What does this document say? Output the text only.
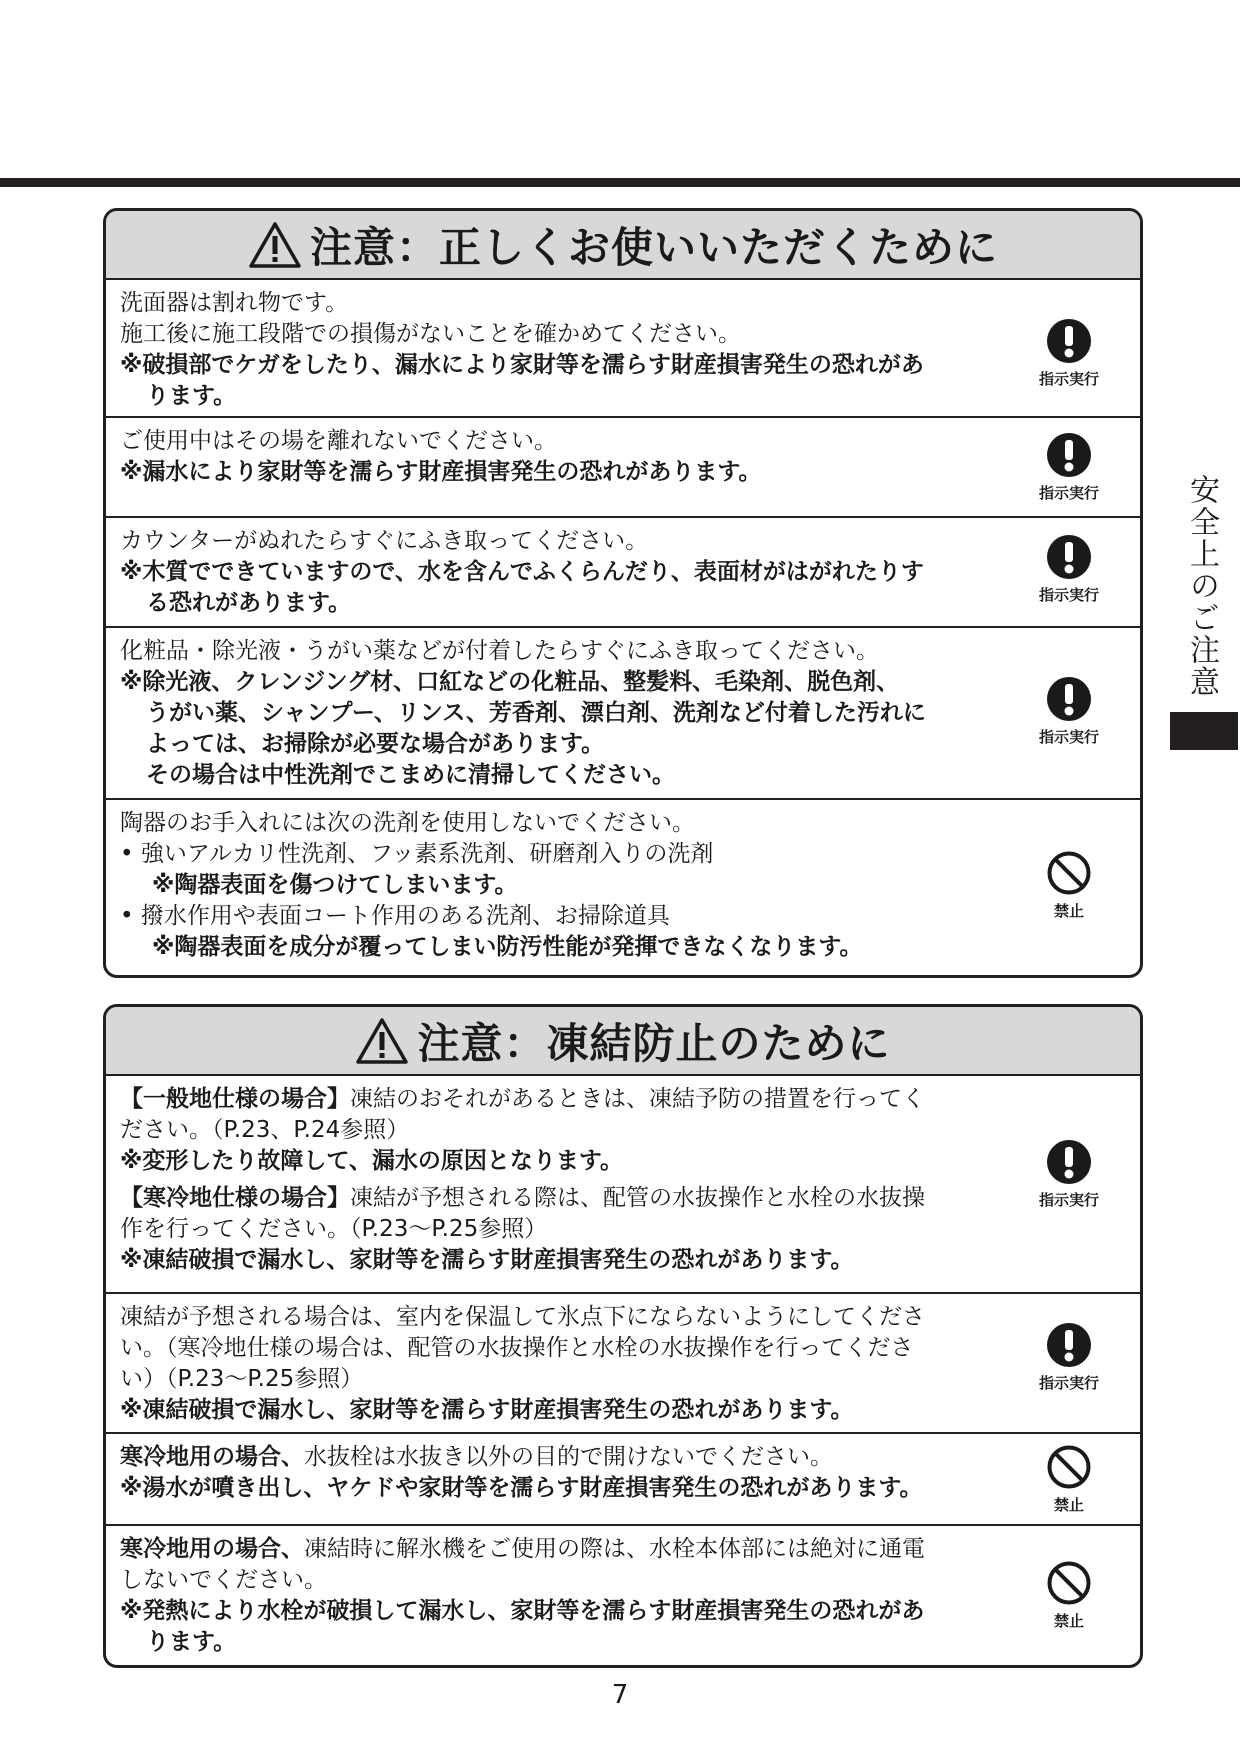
安全上のご注意
注意：正しくお使いいただくために
洗面器は割れ物です。
施工後に施工段階での損傷がないことを確かめてください。
※破損部でケガをしたり、漏水により家財等を濡らす財産損害発生の恐れがあ
ります。
指示実行
ご使用中はその場を離れないでください。
※漏水により家財等を濡らす財産損害発生の恐れがあります。
指示実行
カウンターがぬれたらすぐにふき取ってください。
※木質でできていますので、水を含んでふくらんだり、表面材がはがれたりす
る恐れがあります。	指示実行
化粧品・除光液・うがい薬などが付着したらすぐにふき取ってください。
※除光液、クレンジング材、口紅などの化粧品、整髪料、毛染剤、脱色剤、
うがい薬、シャンプー、リンス、芳香剤、漂白剤、洗剤など付着した汚れに
よっては、お掃除が必要な場合があります。
その場合は中性洗剤でこまめに清掃してください。
指示実行
陶器のお手入れには次の洗剤を使用しないでください。
• 強いアルカリ性洗剤、フッ素系洗剤、研磨剤入りの洗剤
※陶器表面を傷つけてしまいます。
• 撥水作用や表面コート作用のある洗剤、お掃除道具
※陶器表面を成分が覆ってしまい防汚性能が発揮できなくなります。
禁止
注意：凍結防止のために
【一般地仕様の場合】凍結のおそれがあるときは、凍結予防の措置を行ってく
ださい。（P.23、P.24参照）
※変形したり故障して、漏水の原因となります。
【寒冷地仕様の場合】凍結が予想される際は、配管の水抜操作と水栓の水抜操
作を行ってください。（P.23～P.25参照）
※凍結破損で漏水し、家財等を濡らす財産損害発生の恐れがあります。
指示実行
凍結が予想される場合は、室内を保温して氷点下にならないようにしてくださ
い。（寒冷地仕様の場合は、配管の水抜操作と水栓の水抜操作を行ってくださ
い）（P.23～P.25参照）
※凍結破損で漏水し、家財等を濡らす財産損害発生の恐れがあります。
指示実行
寒冷地用の場合、水抜栓は水抜き以外の目的で開けないでください。
※湯水が噴き出し、ヤケドや家財等を濡らす財産損害発生の恐れがあります。
禁止
寒冷地用の場合、凍結時に解氷機をご使用の際は、水栓本体部には絶対に通電
しないでください。
※発熱により水栓が破損して漏水し、家財等を濡らす財産損害発生の恐れがあ
ります。
禁止
7
